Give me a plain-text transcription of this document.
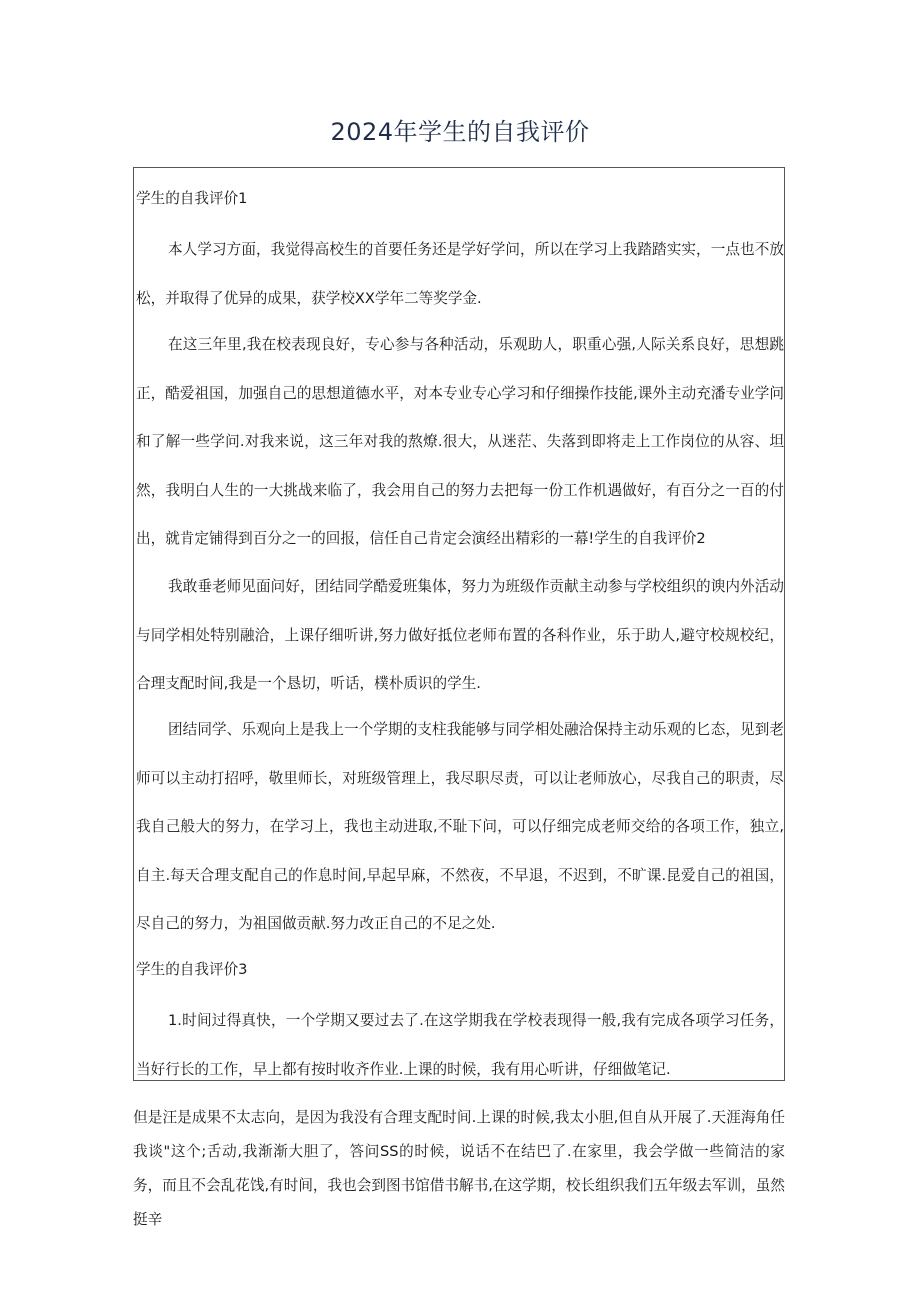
2024年学生的自我评价

学生的自我评价1

本人学习方面，我觉得高校生的首要任务还是学好学问，所以在学习上我踏踏实实，一点也不放松，并取得了优异的成果，获学校XX学年二等奖学金.

在这三年里,我在校表现良好，专心参与各种活动，乐观助人，职重心强,人际关系良好，思想跳正，酷爱祖国，加强自己的思想道德水平，对本专业专心学习和仔细操作技能,课外主动充潘专业学问和了解一些学问.对我来说，这三年对我的熬燎.很大，从迷茫、失落到即将走上工作岗位的从容、坦然，我明白人生的一大挑战来临了，我会用自己的努力去把每一份工作机遇做好，有百分之一百的付出，就肯定铺得到百分之一的回报，信任自己肯定会演经出精彩的一幕!学生的自我评价2

我敢垂老师见面问好，团结同学酷爱班集体，努力为班级作贡献主动参与学校组织的谀内外活动与同学相处特别融洽，上课仔细听讲,努力做好抵位老师布置的各科作业，乐于助人,避守校规校纪，合理支配时间,我是一个恳切，听话，樸朴质识的学生.

团结同学、乐观向上是我上一个学期的支柱我能够与同学相处融洽保持主动乐观的匕态，见到老师可以主动打招呼，敬里师长，对班级管理上，我尽职尽责，可以让老师放心，尽我自己的职责，尽我自己般大的努力，在学习上，我也主动进取,不耻下问，可以仔细完成老师交给的各项工作，独立,自主.每天合理支配自己的作息时间,早起早麻，不然夜，不早退，不迟到，不旷课.昆爱自己的祖国，尽自己的努力，为祖国做贡献.努力改正自己的不足之处.

学生的自我评价3

1.时间过得真快，一个学期又要过去了.在这学期我在学校表现得一般,我有完成各项学习任务，当好行长的工作，早上都有按时收齐作业.上课的时候，我有用心听讲，仔细做笔记.

但是汪是成果不太志向，是因为我没有合理支配时间.上课的时候,我太小胆,但自从开展了.天涯海角任我谈"这个;舌动,我渐渐大胆了，答问SS的时候，说话不在结巴了.在家里，我会学做一些简洁的家务，而且不会乱花饯,有时间，我也会到图书馆借书解书,在这学期，校长组织我们五年级去军训，虽然挺辛
